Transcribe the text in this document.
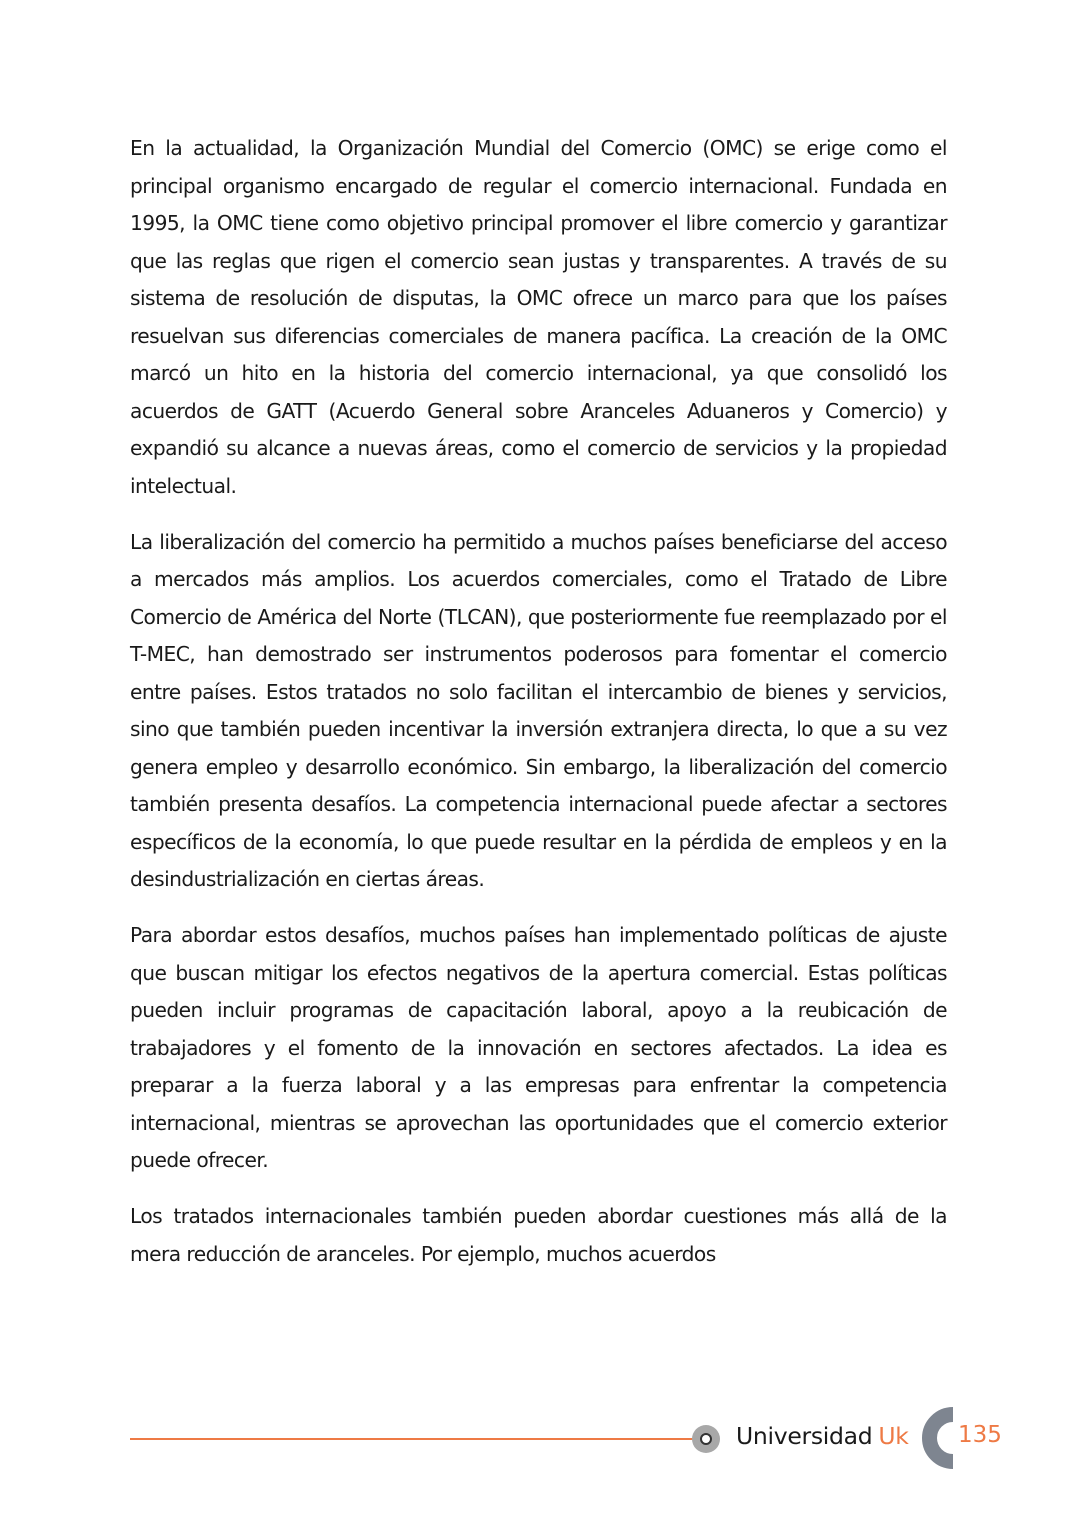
En la actualidad, la Organización Mundial del Comercio (OMC) se erige como el principal organismo encargado de regular el comercio internacional. Fundada en 1995, la OMC tiene como objetivo principal promover el libre comercio y garantizar que las reglas que rigen el comercio sean justas y transparentes. A través de su sistema de resolución de disputas, la OMC ofrece un marco para que los países resuelvan sus diferencias comerciales de manera pacífica. La creación de la OMC marcó un hito en la historia del comercio internacional, ya que consolidó los acuerdos de GATT (Acuerdo General sobre Aranceles Aduaneros y Comercio) y expandió su alcance a nuevas áreas, como el comercio de servicios y la propiedad intelectual.

La liberalización del comercio ha permitido a muchos países beneficiarse del acceso a mercados más amplios. Los acuerdos comerciales, como el Tratado de Libre Comercio de América del Norte (TLCAN), que posteriormente fue reemplazado por el T-MEC, han demostrado ser instrumentos poderosos para fomentar el comercio entre países. Estos tratados no solo facilitan el intercambio de bienes y servicios, sino que también pueden incentivar la inversión extranjera directa, lo que a su vez genera empleo y desarrollo económico. Sin embargo, la liberalización del comercio también presenta desafíos. La competencia internacional puede afectar a sectores específicos de la economía, lo que puede resultar en la pérdida de empleos y en la desindustrialización en ciertas áreas.

Para abordar estos desafíos, muchos países han implementado políticas de ajuste que buscan mitigar los efectos negativos de la apertura comercial. Estas políticas pueden incluir programas de capacitación laboral, apoyo a la reubicación de trabajadores y el fomento de la innovación en sectores afectados. La idea es preparar a la fuerza laboral y a las empresas para enfrentar la competencia internacional, mientras se aprovechan las oportunidades que el comercio exterior puede ofrecer.

Los tratados internacionales también pueden abordar cuestiones más allá de la mera reducción de aranceles. Por ejemplo, muchos acuerdos

Universidad Uk 135
